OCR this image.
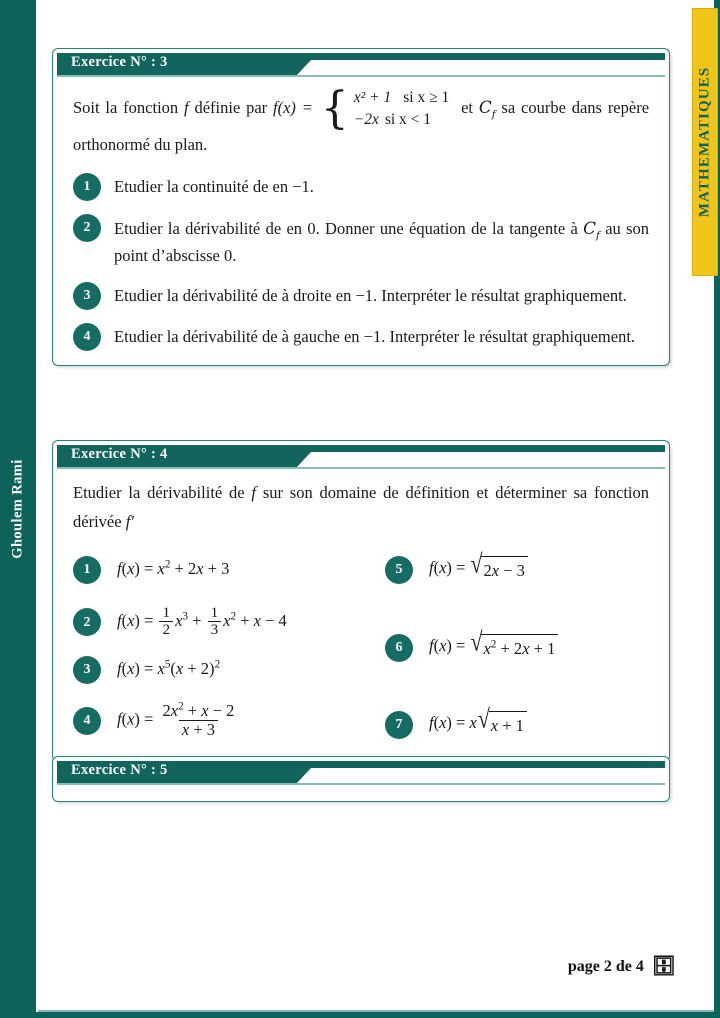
Ghoulem Rami
MATHEMATIQUES
Exercice N° : 3
Soit la fonction f définie par f(x) = { x² + 1 si x ≥ 1
−2x si x < 1
et $C_f$ sa courbe dans repère orthonormé du plan.
1	Etudier la continuité de en −1.
2	Etudier la dérivabilité de en 0. Donner une équation de la tangente à $C_f$ au son point d’abscisse 0.
3	Etudier la dérivabilité de à droite en −1. Interpréter le résultat graphiquement.
4	Etudier la dérivabilité de à gauche en −1. Interpréter le résultat graphiquement.
Exercice N° : 4
Etudier la dérivabilité de f sur son domaine de définition et déterminer sa fonction dérivée f′
1	$f(x) = x^2 + 2x + 3$
2	$f(x) = \frac{1}{2} x^3 + \frac{1}{3} x^2 + x - 4$
3	$f(x) = x^5(x + 2)^2$
4	$f(x) = \frac{2x^2 + x - 2}{x + 3}$
5	f(x) = √ 2x − 3
6	f(x) = √ $x^2 + 2x + 1$
7	f(x) = x √ x + 1
Exercice N° : 5
page 2 de 4 🗄
